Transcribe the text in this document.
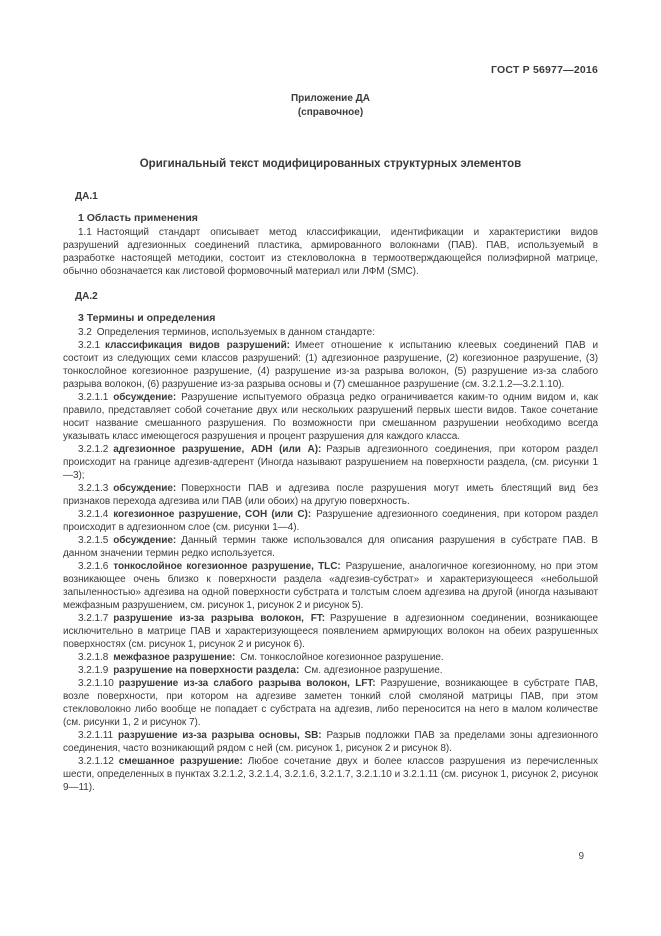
ГОСТ Р 56977—2016
Приложение ДА
(справочное)
Оригинальный текст модифицированных структурных элементов
ДА.1
1 Область применения

1.1 Настоящий стандарт описывает метод классификации, идентификации и характеристики видов разрушений адгезионных соединений пластика, армированного волокнами (ПАВ). ПАВ, используемый в разработке настоящей методики, состоит из стекловолокна в термоотверждающейся полиэфирной матрице, обычно обозначается как листовой формовочный материал или ЛФМ (SMC).

ДА.2
3 Термины и определения

3.2 Определения терминов, используемых в данном стандарте:

3.2.1 классификация видов разрушений: Имеет отношение к испытанию клеевых соединений ПАВ и состоит из следующих семи классов разрушений: (1) адгезионное разрушение, (2) когезионное разрушение, (3) тонкослойное когезионное разрушение, (4) разрушение из-за разрыва волокон, (5) разрушение из-за слабого разрыва волокон, (6) разрушение из-за разрыва основы и (7) смешанное разрушение (см. 3.2.1.2—3.2.1.10).

3.2.1.1 обсуждение: Разрушение испытуемого образца редко ограничивается каким-то одним видом и, как правило, представляет собой сочетание двух или нескольких разрушений первых шести видов. Такое сочетание носит название смешанного разрушения. По возможности при смешанном разрушении необходимо всегда указывать класс имеющегося разрушения и процент разрушения для каждого класса.

3.2.1.2 адгезионное разрушение, ADH (или A): Разрыв адгезионного соединения, при котором раздел происходит на границе адгезив-адгерент (Иногда называют разрушением на поверхности раздела, (см. рисунки 1—3);

3.2.1.3 обсуждение: Поверхности ПАВ и адгезива после разрушения могут иметь блестящий вид без признаков перехода адгезива или ПАВ (или обоих) на другую поверхность.

3.2.1.4 когезионное разрушение, COH (или C): Разрушение адгезионного соединения, при котором раздел происходит в адгезионном слое (см. рисунки 1—4).

3.2.1.5 обсуждение: Данный термин также использовался для описания разрушения в субстрате ПАВ. В данном значении термин редко используется.

3.2.1.6 тонкослойное когезионное разрушение, TLC: Разрушение, аналогичное когезионному, но при этом возникающее очень близко к поверхности раздела «адгезив-субстрат» и характеризующееся «небольшой запыленностью» адгезива на одной поверхности субстрата и толстым слоем адгезива на другой (иногда называют межфазным разрушением, см. рисунок 1, рисунок 2 и рисунок 5).

3.2.1.7 разрушение из-за разрыва волокон, FT: Разрушение в адгезионном соединении, возникающее исключительно в матрице ПАВ и характеризующееся появлением армирующих волокон на обеих разрушенных поверхностях (см. рисунок 1, рисунок 2 и рисунок 6).

3.2.1.8 межфазное разрушение: См. тонкослойное когезионное разрушение.

3.2.1.9 разрушение на поверхности раздела: См. адгезионное разрушение.

3.2.1.10 разрушение из-за слабого разрыва волокон, LFT: Разрушение, возникающее в субстрате ПАВ, возле поверхности, при котором на адгезиве заметен тонкий слой смоляной матрицы ПАВ, при этом стекловолокно либо вообще не попадает с субстрата на адгезив, либо переносится на него в малом количестве (см. рисунки 1, 2 и рисунок 7).

3.2.1.11 разрушение из-за разрыва основы, SB: Разрыв подложки ПАВ за пределами зоны адгезионного соединения, часто возникающий рядом с ней (см. рисунок 1, рисунок 2 и рисунок 8).

3.2.1.12 смешанное разрушение: Любое сочетание двух и более классов разрушения из перечисленных шести, определенных в пунктах 3.2.1.2, 3.2.1.4, 3.2.1.6, 3.2.1.7, 3.2.1.10 и 3.2.1.11 (см. рисунок 1, рисунок 2, рисунок 9—11).

9
